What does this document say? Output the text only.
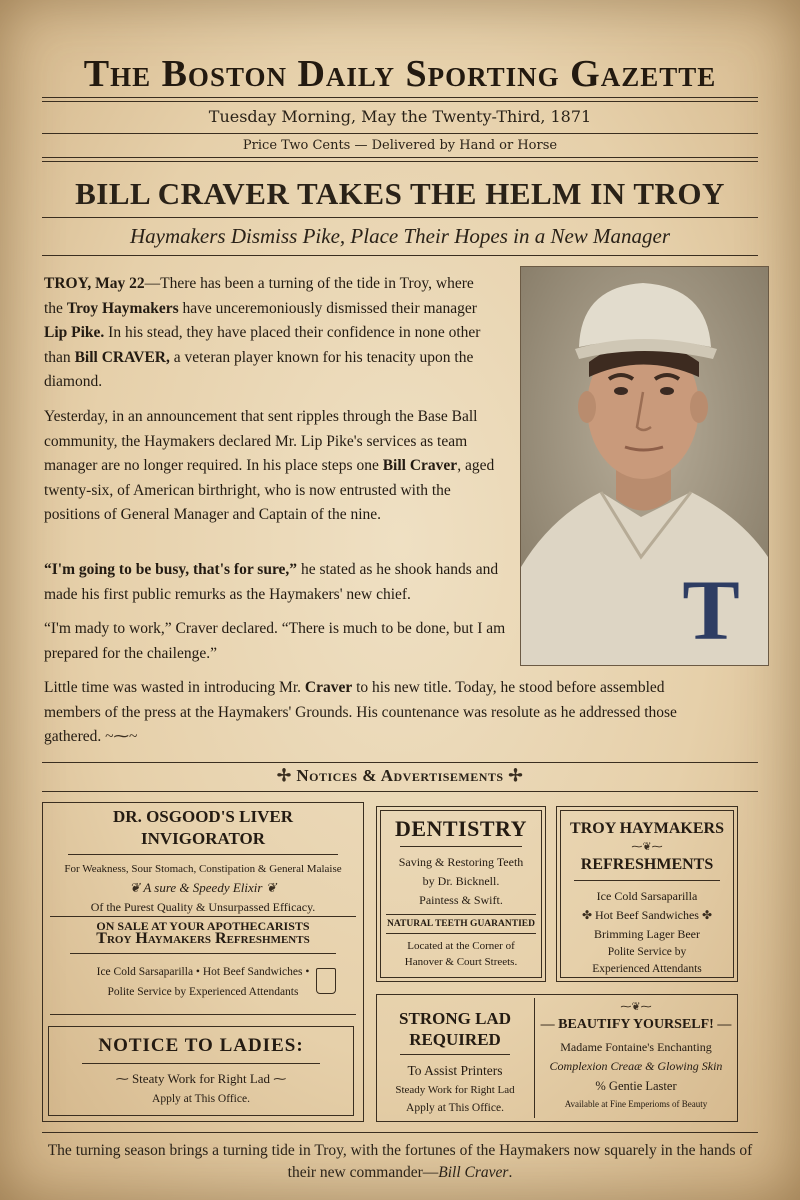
The Boston Daily Sporting Gazette
Tuesday Morning, May the Twenty-Third, 1871
Price Two Cents — Delivered by Hand or Horse
BILL CRAVER TAKES THE HELM IN TROY
Haymakers Dismiss Pike, Place Their Hopes in a New Manager
TROY, May 22—There has been a turning of the tide in Troy, where the Troy Haymakers have unceremoniously dismissed their manager Lip Pike. In his stead, they have placed their confidence in none other than Bill CRAVER, a veteran player known for his tenacity upon the diamond.
Yesterday, in an announcement that sent ripples through the Base Ball community, the Haymakers declared Mr. Lip Pike's services as team manager are no longer required. In his place steps one Bill Craver, aged twenty-six, of American birthright, who is now entrusted with the positions of General Manager and Captain of the nine.
“I'm going to be busy, that's for sure,” he stated as he shook hands and made his first public remurks as the Haymakers' new chief.
“I'm mady to work,” Craver declared. “There is much to be done, but I am prepared for the chailenge.”
Little time was wasted in introducing Mr. Craver to his new title. Today, he stood before assembled members of the press at the Haymakers' Grounds. His countenance was resolute as he addressed those gathered. ~⁓~
T
✢ Notices & Advertisements ✢
DR. OSGOOD'S LIVER INVIGORATOR
For Weakness, Sour Stomach, Constipation & General Malaise
❦ A sure & Speedy Elixir ❦
Of the Purest Quality & Unsurpassed Efficacy.
ON SALE AT YOUR APOTHECARISTS
Troy Haymakers Refreshments
Ice Cold Sarsaparilla • Hot Beef Sandwiches •
Polite Service by Experienced Attendants
NOTICE TO LADIES:
⁓ Steaty Work for Right Lad ⁓
Apply at This Office.
DENTISTRY
Saving & Restoring Teeth
by Dr. Bicknell.
Paintess & Swift.
NATURAL TEETH GUARANTIED
Located at the Corner of
Hanover & Court Streets.
TROY HAYMAKERS
⁓❦⁓
REFRESHMENTS
Ice Cold Sarsaparilla
✤ Hot Beef Sandwiches ✤
Brimming Lager Beer
Polite Service by
Experienced Attendants
STRONG LAD
REQUIRED
To Assist Printers
Steady Work for Right Lad
Apply at This Office.
⁓❦⁓
— BEAUTIFY YOURSELF! —
Madame Fontaine's Enchanting
Complexion Creaæ & Glowing Skin
% Gentie Laster
Available at Fine Emperioms of Beauty
The turning season brings a turning tide in Troy, with the fortunes of the Haymakers now squarely in the hands of their new commander—Bill Craver.
